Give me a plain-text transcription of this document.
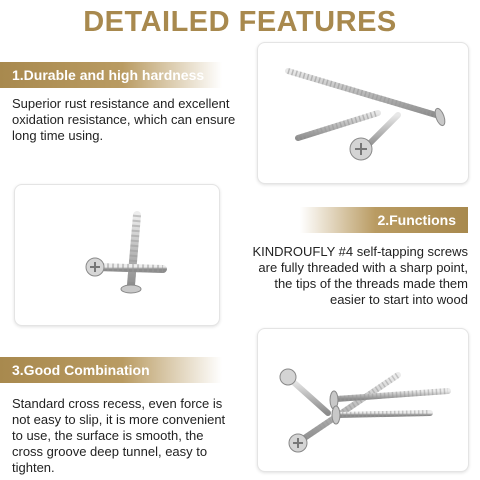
DETAILED FEATURES
1.Durable and high hardness
Superior rust resistance and excellent
oxidation resistance, which can ensure
long time using.
2.Functions
KINDROUFLY #4 self-tapping screws
are fully threaded with a sharp point,
the tips of the threads made them
easier to start into wood
3.Good Combination
Standard cross recess, even force is
not easy to slip, it is more convenient
to use, the surface is smooth, the
cross groove deep tunnel, easy to
tighten.
